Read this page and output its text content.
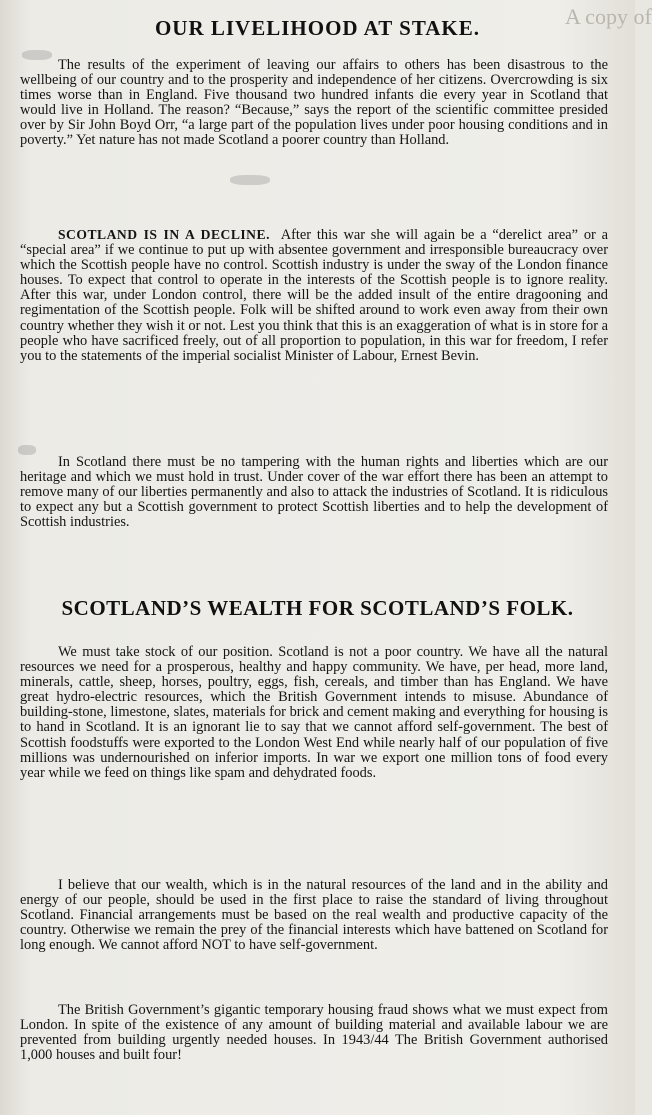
A copy of
OUR LIVELIHOOD AT STAKE.

The results of the experiment of leaving our affairs to others has been disastrous to the wellbeing of our country and to the prosperity and independence of her citizens. Overcrowding is six times worse than in England. Five thousand two hundred infants die every year in Scotland that would live in Holland. The reason? “Because,” says the report of the scientific committee presided over by Sir John Boyd Orr, “a large part of the population lives under poor housing conditions and in poverty.” Yet nature has not made Scotland a poorer country than Holland.

SCOTLAND IS IN A DECLINE. After this war she will again be a “derelict area” or a “special area” if we continue to put up with absentee government and irresponsible bureaucracy over which the Scottish people have no control. Scottish industry is under the sway of the London finance houses. To expect that control to operate in the interests of the Scottish people is to ignore reality. After this war, under London control, there will be the added insult of the entire dragooning and regimentation of the Scottish people. Folk will be shifted around to work even away from their own country whether they wish it or not. Lest you think that this is an exaggeration of what is in store for a people who have sacrificed freely, out of all proportion to population, in this war for freedom, I refer you to the statements of the imperial socialist Minister of Labour, Ernest Bevin.

In Scotland there must be no tampering with the human rights and liberties which are our heritage and which we must hold in trust. Under cover of the war effort there has been an attempt to remove many of our liberties permanently and also to attack the industries of Scotland. It is ridiculous to expect any but a Scottish government to protect Scottish liberties and to help the development of Scottish industries.

SCOTLAND’S WEALTH FOR SCOTLAND’S FOLK.

We must take stock of our position. Scotland is not a poor country. We have all the natural resources we need for a prosperous, healthy and happy community. We have, per head, more land, minerals, cattle, sheep, horses, poultry, eggs, fish, cereals, and timber than has England. We have great hydro-electric resources, which the British Government intends to misuse. Abundance of building-stone, limestone, slates, materials for brick and cement making and everything for housing is to hand in Scotland. It is an ignorant lie to say that we cannot afford self-government. The best of Scottish foodstuffs were exported to the London West End while nearly half of our population of five millions was undernourished on inferior imports. In war we export one million tons of food every year while we feed on things like spam and dehydrated foods.

I believe that our wealth, which is in the natural resources of the land and in the ability and energy of our people, should be used in the first place to raise the standard of living throughout Scotland. Financial arrangements must be based on the real wealth and productive capacity of the country. Otherwise we remain the prey of the financial interests which have battened on Scotland for long enough. We cannot afford NOT to have self-government.

The British Government’s gigantic temporary housing fraud shows what we must expect from London. In spite of the existence of any amount of building material and available labour we are prevented from building urgently needed houses. In 1943/44 The British Government authorised 1,000 houses and built four!
